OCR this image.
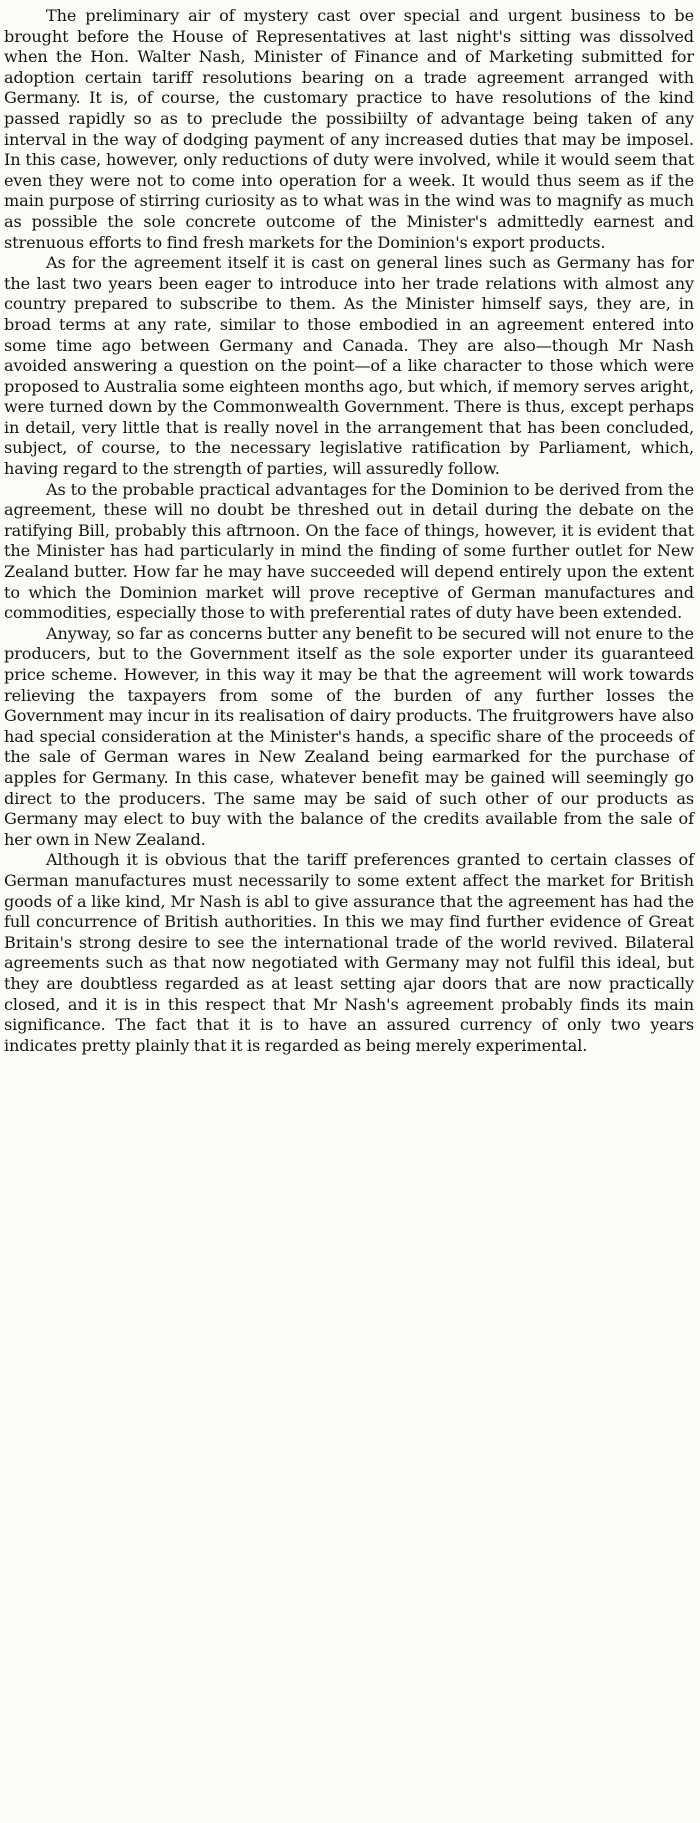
The preliminary air of mystery cast over special and urgent business to be brought before the House of Representatives at last night's sitting was dissolved when the Hon. Walter Nash, Minister of Finance and of Marketing submitted for adoption certain tariff resolutions bearing on a trade agreement arranged with Germany. It is, of course, the customary practice to have resolutions of the kind passed rapidly so as to preclude the possibiilty of advantage being taken of any interval in the way of dodging payment of any increased duties that may be imposel. In this case, however, only reductions of duty were involved, while it would seem that even they were not to come into operation for a week. It would thus seem as if the main purpose of stirring curiosity as to what was in the wind was to magnify as much as possible the sole concrete outcome of the Minister's admittedly earnest and strenuous efforts to find fresh markets for the Dominion's export products.

As for the agreement itself it is cast on general lines such as Germany has for the last two years been eager to introduce into her trade relations with almost any country prepared to subscribe to them. As the Minister himself says, they are, in broad terms at any rate, similar to those embodied in an agreement entered into some time ago between Germany and Canada. They are also—though Mr Nash avoided answering a question on the point—of a like character to those which were proposed to Australia some eighteen months ago, but which, if memory serves aright, were turned down by the Commonwealth Government. There is thus, except perhaps in detail, very little that is really novel in the arrangement that has been concluded, subject, of course, to the necessary legislative ratification by Parliament, which, having regard to the strength of parties, will assuredly follow.

As to the probable practical advantages for the Dominion to be derived from the agreement, these will no doubt be threshed out in detail during the debate on the ratifying Bill, probably this aftrnoon. On the face of things, however, it is evident that the Minister has had particularly in mind the finding of some further outlet for New Zealand butter. How far he may have succeeded will depend entirely upon the extent to which the Dominion market will prove receptive of German manufactures and commodities, especially those to with preferential rates of duty have been extended.

Anyway, so far as concerns butter any benefit to be secured will not enure to the producers, but to the Government itself as the sole exporter under its guaranteed price scheme. However, in this way it may be that the agreement will work towards relieving the taxpayers from some of the burden of any further losses the Government may incur in its realisation of dairy products. The fruitgrowers have also had special consideration at the Minister's hands, a specific share of the proceeds of the sale of German wares in New Zealand being earmarked for the purchase of apples for Germany. In this case, whatever benefit may be gained will seemingly go direct to the producers. The same may be said of such other of our products as Germany may elect to buy with the balance of the credits available from the sale of her own in New Zealand.

Although it is obvious that the tariff preferences granted to certain classes of German manufactures must necessarily to some extent affect the market for British goods of a like kind, Mr Nash is abl to give assurance that the agreement has had the full concurrence of British authorities. In this we may find further evidence of Great Britain's strong desire to see the international trade of the world revived. Bilateral agreements such as that now negotiated with Germany may not fulfil this ideal, but they are doubtless regarded as at least setting ajar doors that are now practically closed, and it is in this respect that Mr Nash's agreement probably finds its main significance. The fact that it is to have an assured currency of only two years indicates pretty plainly that it is regarded as being merely experimental.
